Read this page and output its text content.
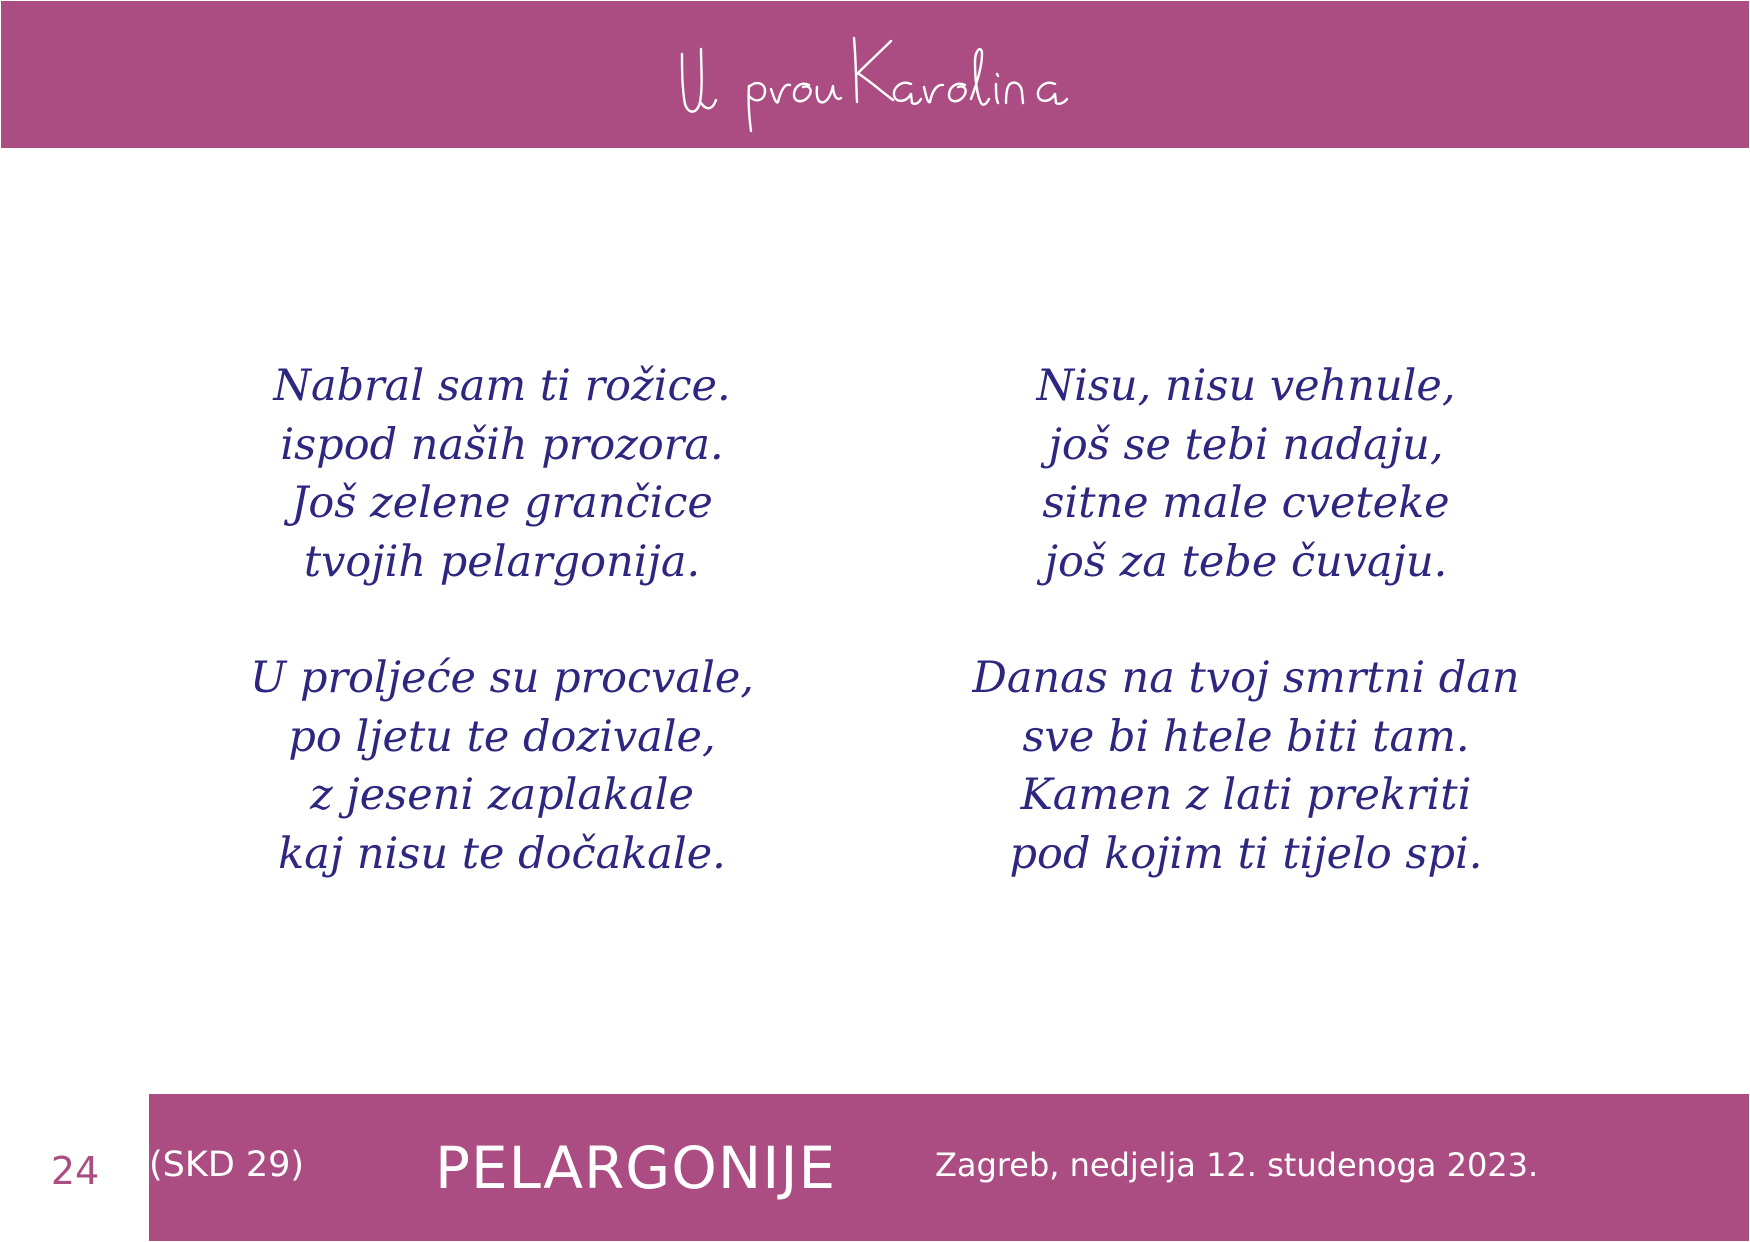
Nabral sam ti rožice.
ispod naših prozora.
Još zelene grančice
tvojih pelargonija.

U proljeće su procvale,
po ljetu te dozivale,
z jeseni zaplakale
kaj nisu te dočakale.

Nisu, nisu vehnule,
još se tebi nadaju,
sitne male cveteke
još za tebe čuvaju.

Danas na tvoj smrtni dan
sve bi htele biti tam.
Kamen z lati prekriti
pod kojim ti tijelo spi.

24	(SKD 29) PELARGONIJE	Zagreb, nedjelja 12. studenoga 2023.
